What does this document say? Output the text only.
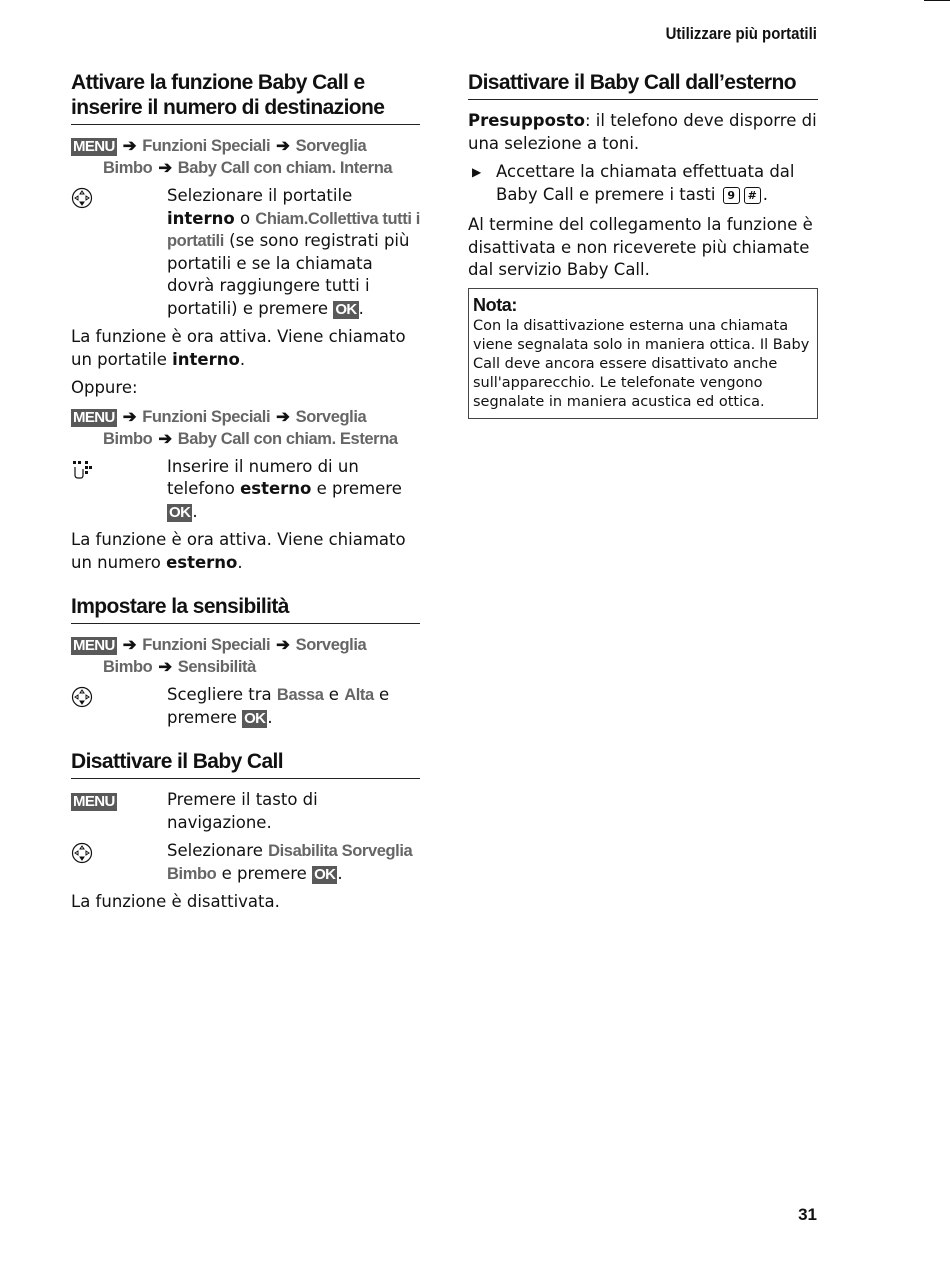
Utilizzare più portatili
Attivare la funzione Baby Call e inserire il numero di destinazione
MENU ➔ Funzioni Speciali ➔ Sorveglia
Bimbo ➔ Baby Call con chiam. Interna
Selezionare il portatile interno o Chiam.Collettiva tutti i portatili (se sono registrati più portatili e se la chiamata dovrà raggiungere tutti i portatili) e premere OK .

La funzione è ora attiva. Viene chiamato un portatile interno.

Oppure:

MENU ➔ Funzioni Speciali ➔ Sorveglia
Bimbo ➔ Baby Call con chiam. Esterna
Inserire il numero di un telefono esterno e premere OK .

La funzione è ora attiva. Viene chiamato un numero esterno.

Impostare la sensibilità
MENU ➔ Funzioni Speciali ➔ Sorveglia
Bimbo ➔ Sensibilità
Scegliere tra Bassa e Alta e premere OK .
Disattivare il Baby Call
MENU	Premere il tasto di navigazione.
Selezionare Disabilita Sorveglia Bimbo e premere OK .

La funzione è disattivata.

Disattivare il Baby Call dall’esterno

Presupposto: il telefono deve disporre di una selezione a toni.

▶ Accettare la chiamata effettuata dal Baby Call e premere i tasti 9 # .

Al termine del collegamento la funzione è disattivata e non riceverete più chiamate dal servizio Baby Call.

Nota:
Con la disattivazione esterna una chiamata viene segnalata solo in maniera ottica. Il Baby Call deve ancora essere disattivato anche sull'apparecchio. Le telefonate vengono segnalate in maniera acustica ed ottica.
31
